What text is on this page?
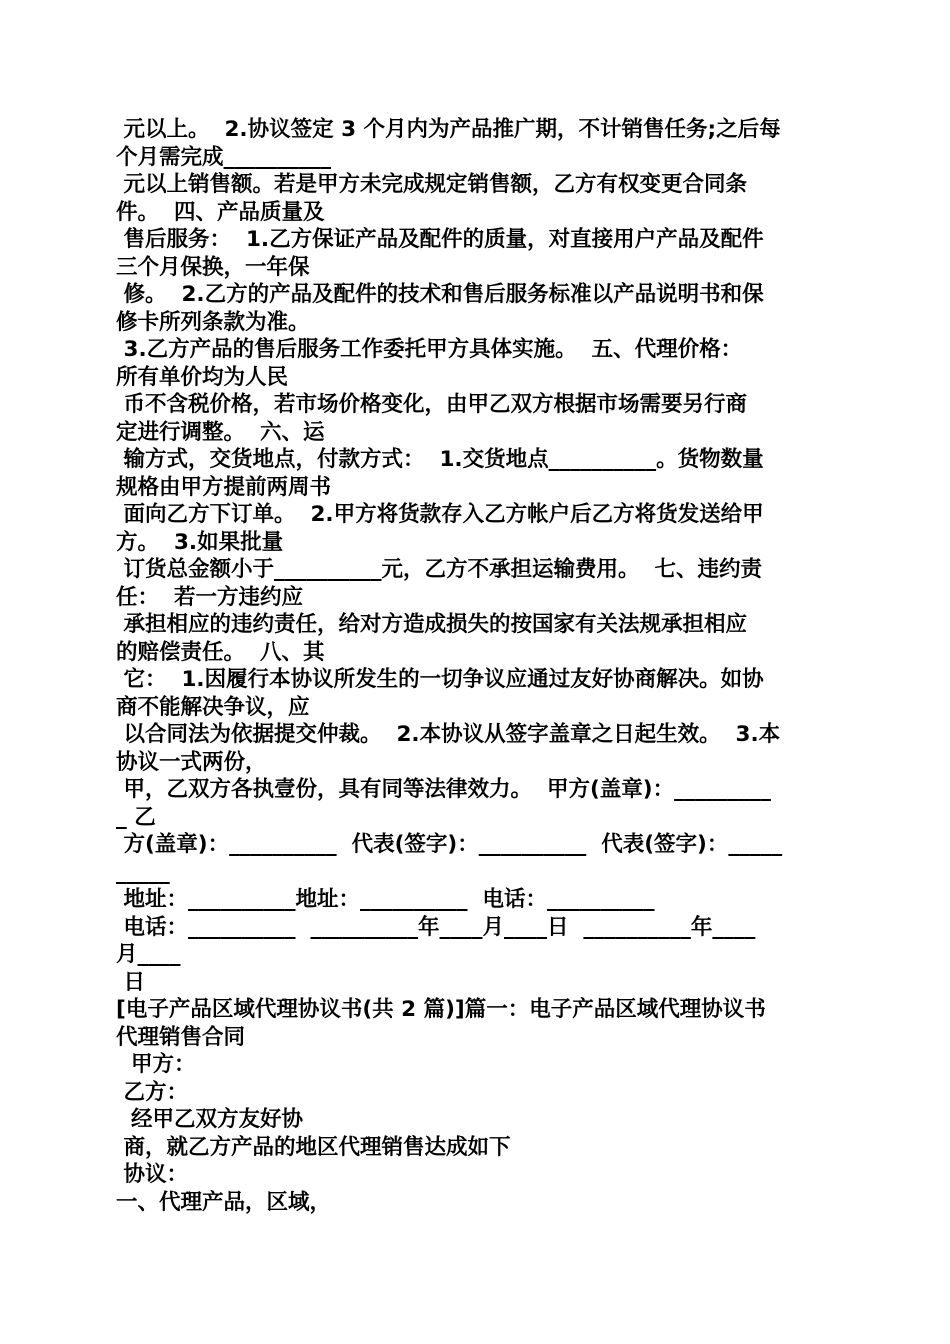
元以上。  2.协议签定 3 个月内为产品推广期，不计销售任务;之后每
个月需完成__________
元以上销售额。若是甲方未完成规定销售额，乙方有权变更合同条
件。  四、产品质量及
售后服务：  1.乙方保证产品及配件的质量，对直接用户产品及配件
三个月保换，一年保
修。  2.乙方的产品及配件的技术和售后服务标准以产品说明书和保
修卡所列条款为准。
3.乙方产品的售后服务工作委托甲方具体实施。  五、代理价格：
所有单价均为人民
币不含税价格，若市场价格变化，由甲乙双方根据市场需要另行商
定进行调整。  六、运
输方式，交货地点，付款方式：  1.交货地点__________。货物数量
规格由甲方提前两周书
面向乙方下订单。  2.甲方将货款存入乙方帐户后乙方将货发送给甲
方。  3.如果批量
订货总金额小于__________元，乙方不承担运输费用。  七、违约责
任：  若一方违约应
承担相应的违约责任，给对方造成损失的按国家有关法规承担相应
的赔偿责任。  八、其
它：  1.因履行本协议所发生的一切争议应通过友好协商解决。如协
商不能解决争议，应
以合同法为依据提交仲裁。  2.本协议从签字盖章之日起生效。  3.本
协议一式两份，
甲，乙双方各执壹份，具有同等法律效力。  甲方(盖章)：_________
_ 乙
方(盖章)：__________  代表(签字)：__________  代表(签字)：_____
_____
地址：__________地址：__________  电话：__________
电话：__________  __________年____月____日  __________年____
月____
日
[电子产品区域代理协议书(共 2 篇)]篇一：电子产品区域代理协议书
代理销售合同
甲方：
乙方：
经甲乙双方友好协
商，就乙方产品的地区代理销售达成如下
协议：
一、代理产品，区域，
